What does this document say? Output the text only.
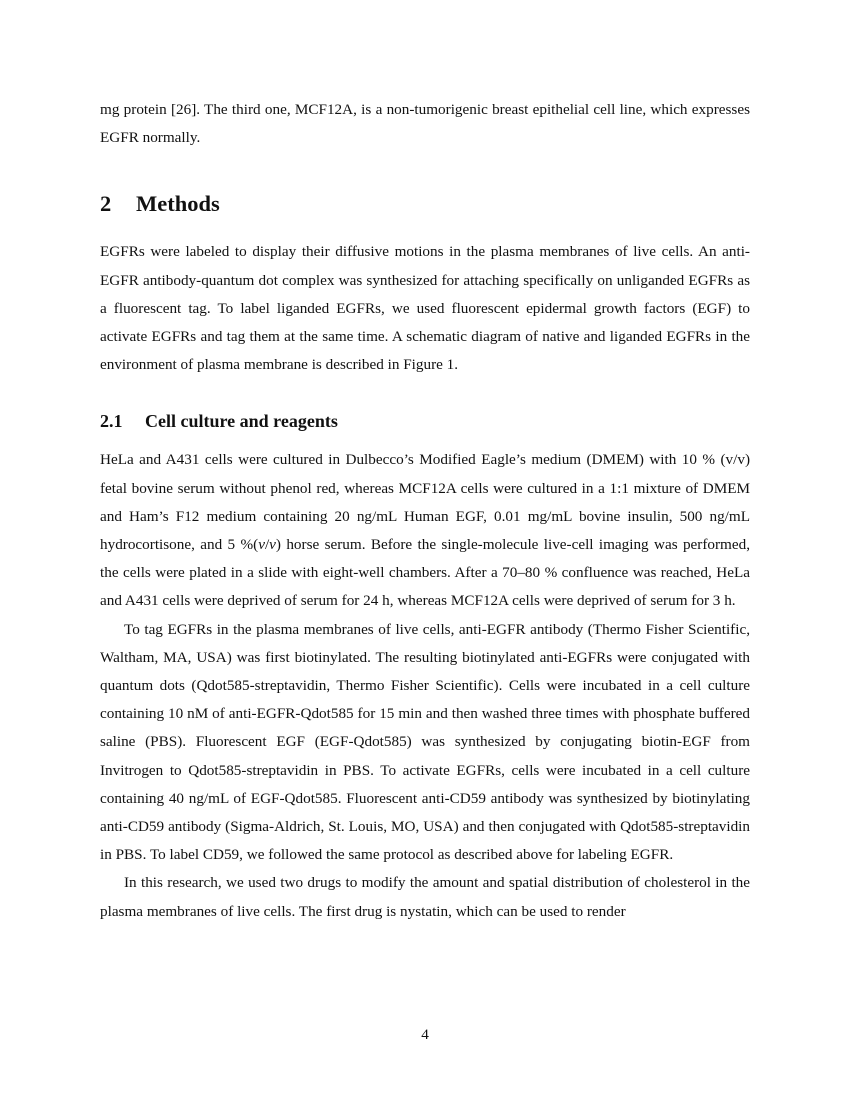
mg protein [26]. The third one, MCF12A, is a non-tumorigenic breast epithelial cell line, which expresses EGFR normally.

2 Methods

EGFRs were labeled to display their diffusive motions in the plasma membranes of live cells. An anti-EGFR antibody-quantum dot complex was synthesized for attaching specifically on unliganded EGFRs as a fluorescent tag. To label liganded EGFRs, we used fluorescent epidermal growth factors (EGF) to activate EGFRs and tag them at the same time. A schematic diagram of native and liganded EGFRs in the environment of plasma membrane is described in Figure 1.

2.1 Cell culture and reagents

HeLa and A431 cells were cultured in Dulbecco’s Modified Eagle’s medium (DMEM) with 10 % (v/v) fetal bovine serum without phenol red, whereas MCF12A cells were cultured in a 1:1 mixture of DMEM and Ham’s F12 medium containing 20 ng/mL Human EGF, 0.01 mg/mL bovine insulin, 500 ng/mL hydrocortisone, and 5 %(v/v) horse serum. Before the single-molecule live-cell imaging was performed, the cells were plated in a slide with eight-well chambers. After a 70–80 % confluence was reached, HeLa and A431 cells were deprived of serum for 24 h, whereas MCF12A cells were deprived of serum for 3 h.

To tag EGFRs in the plasma membranes of live cells, anti-EGFR antibody (Thermo Fisher Scientific, Waltham, MA, USA) was first biotinylated. The resulting biotinylated anti-EGFRs were conjugated with quantum dots (Qdot585-streptavidin, Thermo Fisher Scientific). Cells were incubated in a cell culture containing 10 nM of anti-EGFR-Qdot585 for 15 min and then washed three times with phosphate buffered saline (PBS). Fluorescent EGF (EGF-Qdot585) was synthesized by conjugating biotin-EGF from Invitrogen to Qdot585-streptavidin in PBS. To activate EGFRs, cells were incubated in a cell culture containing 40 ng/mL of EGF-Qdot585. Fluorescent anti-CD59 antibody was synthesized by biotinylating anti-CD59 antibody (Sigma-Aldrich, St. Louis, MO, USA) and then conjugated with Qdot585-streptavidin in PBS. To label CD59, we followed the same protocol as described above for labeling EGFR.

In this research, we used two drugs to modify the amount and spatial distribution of cholesterol in the plasma membranes of live cells. The first drug is nystatin, which can be used to render

4
